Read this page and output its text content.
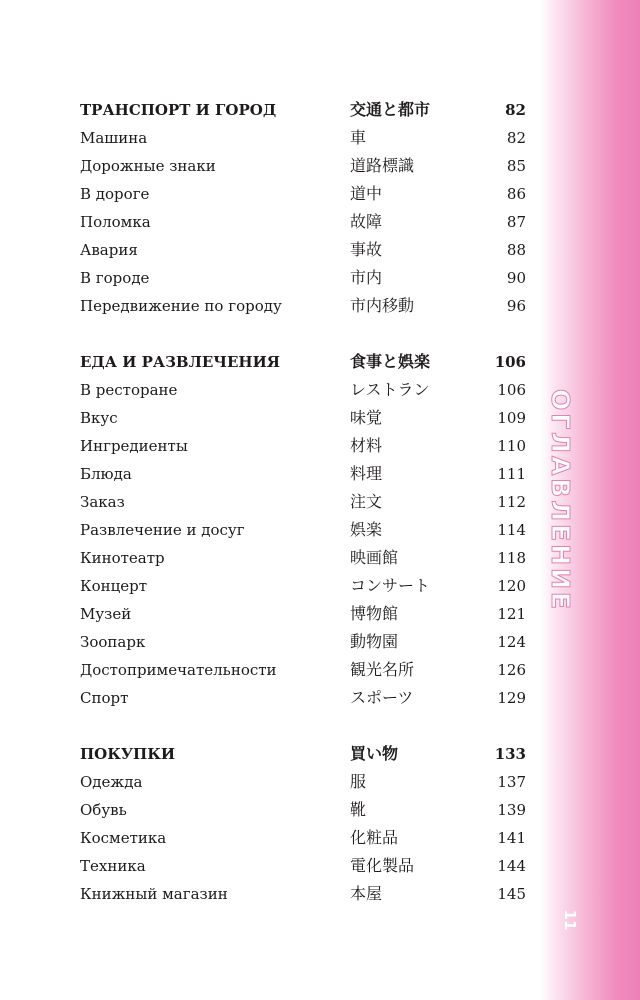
ОГЛАВЛЕНИЕ
11
ТРАНСПОРТ И ГОРОД	交通と都市	82
Машина	車	82
Дорожные знаки	道路標識	85
В дороге	道中	86
Поломка	故障	87
Авария	事故	88
В городе	市内	90
Передвижение по городу	市内移動	96
ЕДА И РАЗВЛЕЧЕНИЯ	食事と娯楽	106
В ресторане	レストラン	106
Вкус	味覚	109
Ингредиенты	材料	110
Блюда	料理	111
Заказ	注文	112
Развлечение и досуг	娯楽	114
Кинотеатр	映画館	118
Концерт	コンサート	120
Музей	博物館	121
Зоопарк	動物園	124
Достопримечательности	観光名所	126
Спорт	スポーツ	129
ПОКУПКИ	買い物	133
Одежда	服	137
Обувь	靴	139
Косметика	化粧品	141
Техника	電化製品	144
Книжный магазин	本屋	145
